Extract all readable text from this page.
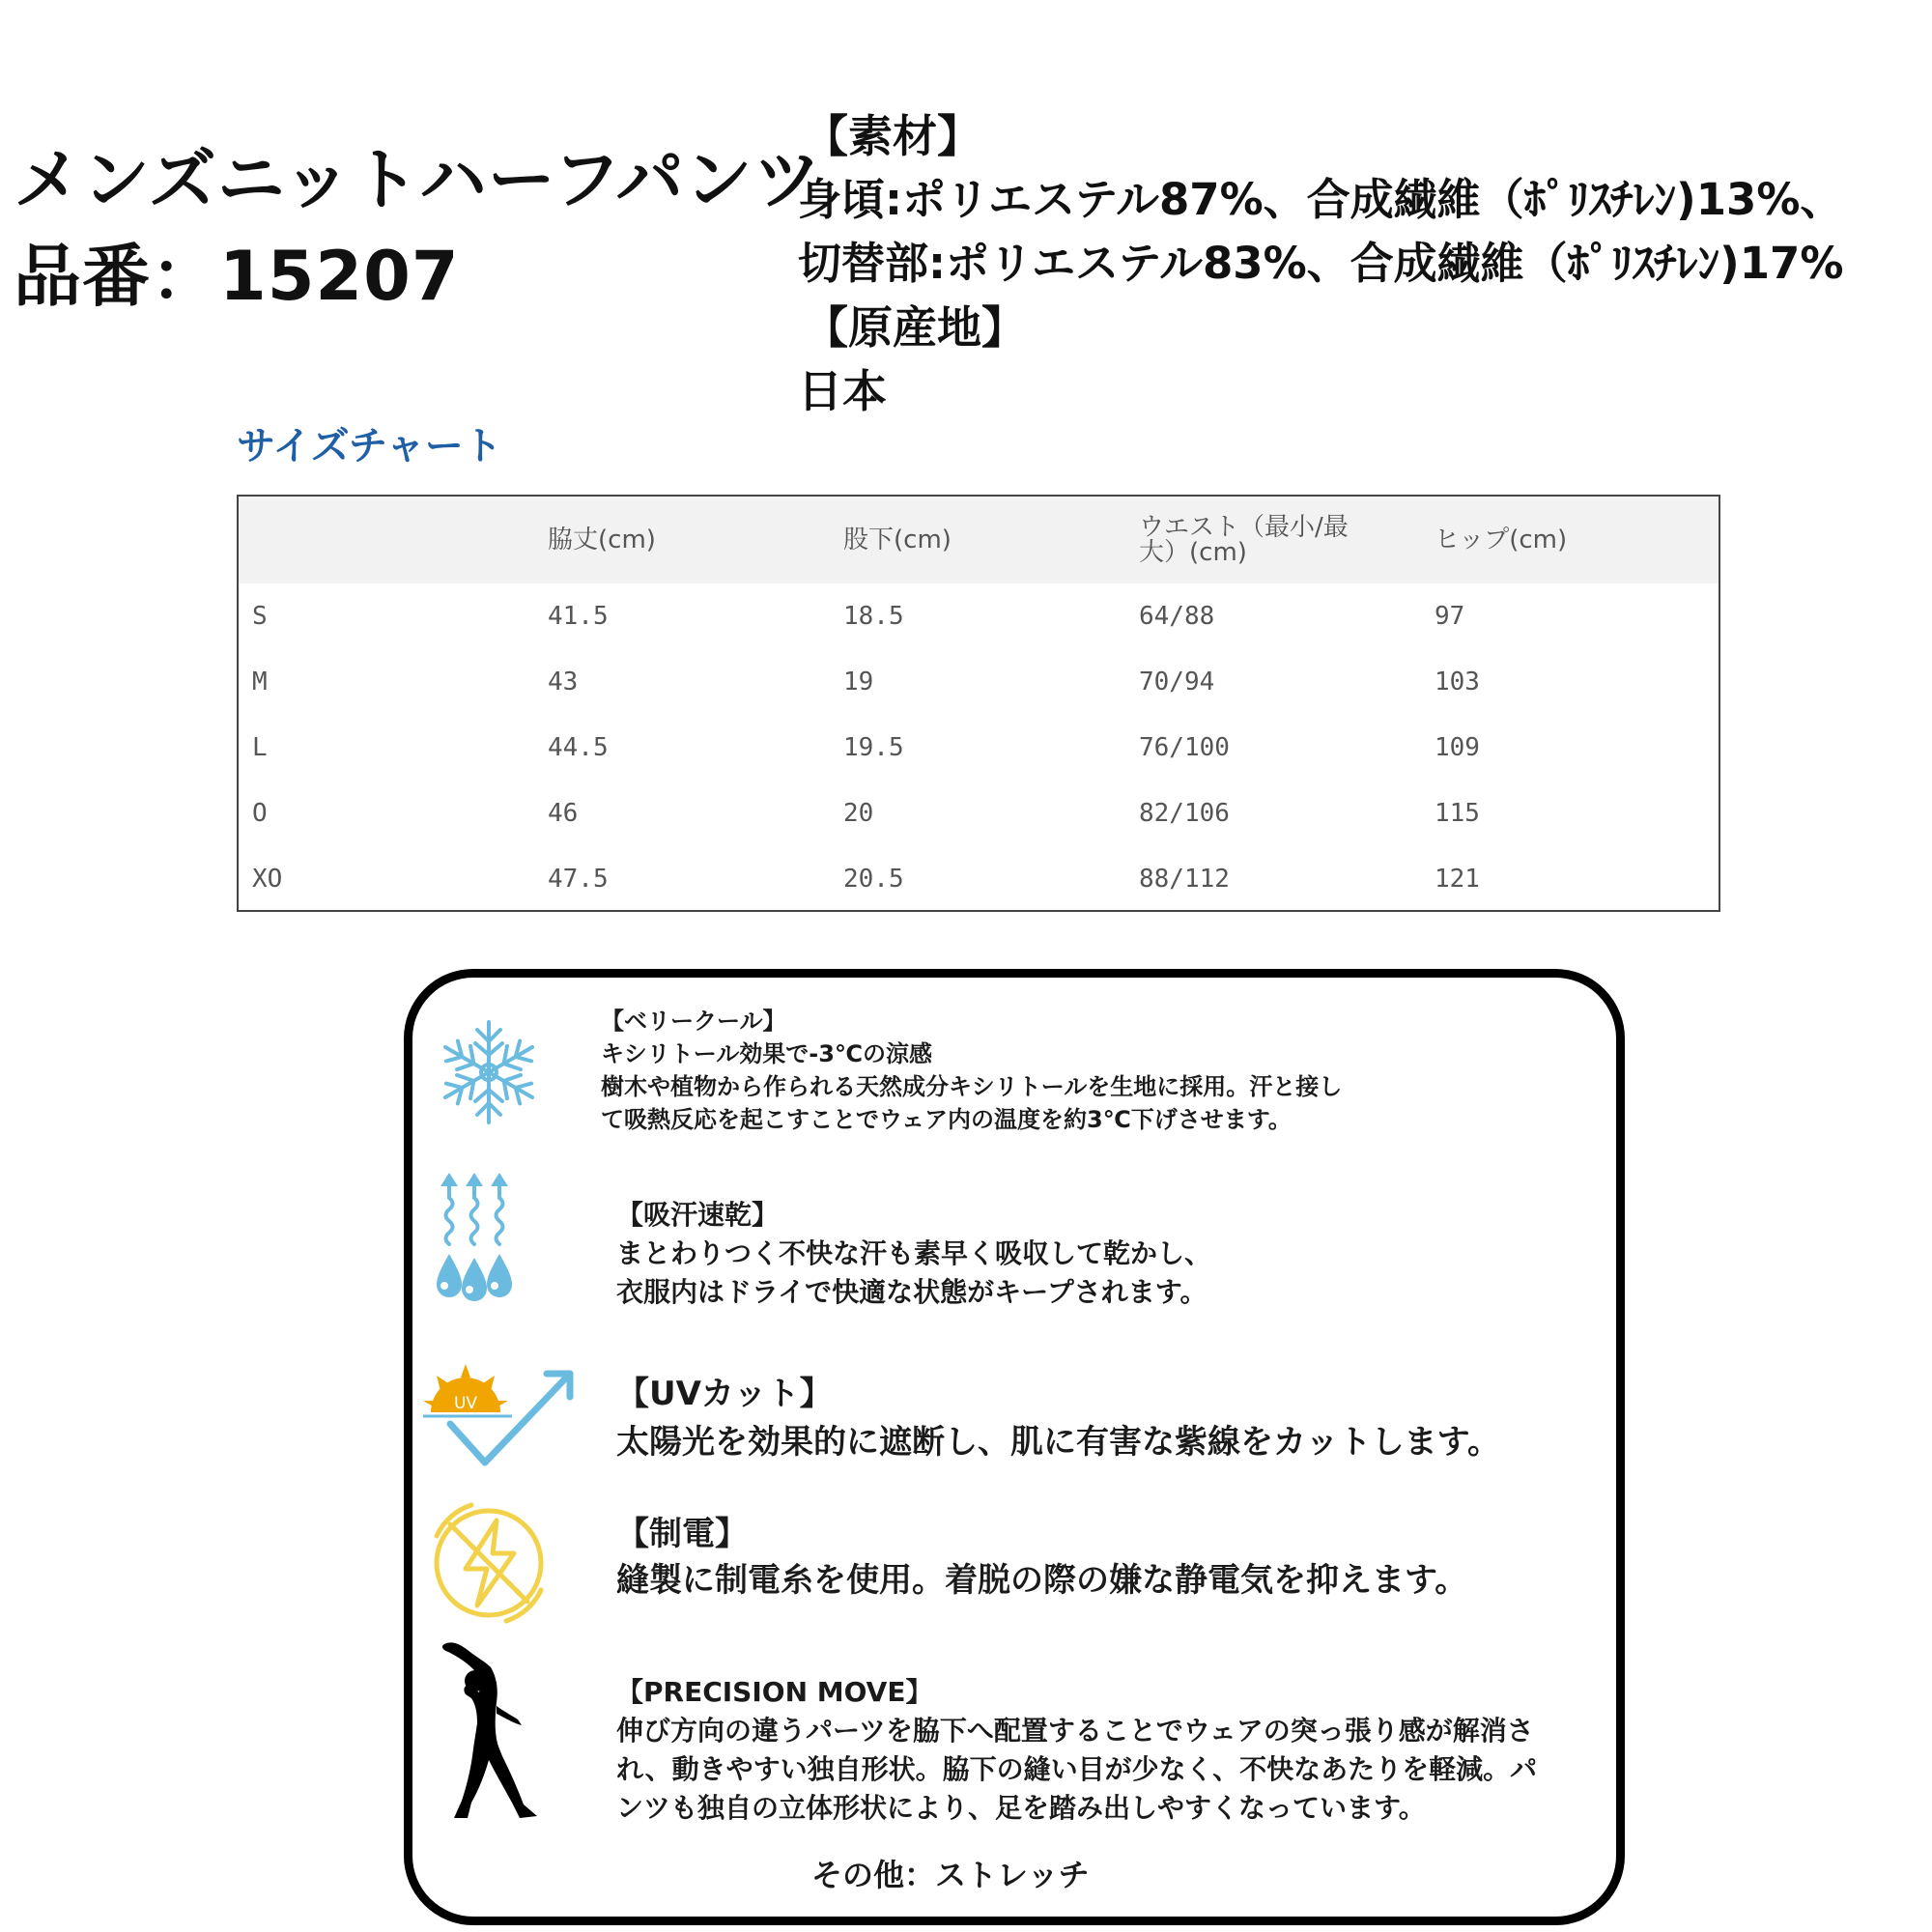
メンズニットハーフパンツ
品番：15207
【素材】
身頃:ポリエステル87%、合成繊維（ﾎﾟﾘｽﾁﾚﾝ)13%、
切替部:ポリエステル83%、合成繊維（ﾎﾟﾘｽﾁﾚﾝ)17%
【原産地】
日本
サイズチャート
	脇丈(cm)	股下(cm)	ウエスト（最小/最大）(cm)	ヒップ(cm)
S	41.5	18.5	64/88	97
M	43	19	70/94	103
L	44.5	19.5	76/100	109
O	46	20	82/106	115
XO	47.5	20.5	88/112	121
【ベリークール】
キシリトール効果で-3℃の涼感
樹木や植物から作られる天然成分キシリトールを生地に採用。汗と接し
て吸熱反応を起こすことでウェア内の温度を約3℃下げさせます。
【吸汗速乾】
まとわりつく不快な汗も素早く吸収して乾かし、
衣服内はドライで快適な状態がキープされます。
UV	【UVカット】
太陽光を効果的に遮断し、肌に有害な紫線をカットします。
【制電】
縫製に制電糸を使用。着脱の際の嫌な静電気を抑えます。
【PRECISION MOVE】
伸び方向の違うパーツを脇下へ配置することでウェアの突っ張り感が解消さ
れ、動きやすい独自形状。脇下の縫い目が少なく、不快なあたりを軽減。パ
ンツも独自の立体形状により、足を踏み出しやすくなっています。
その他：ストレッチ
